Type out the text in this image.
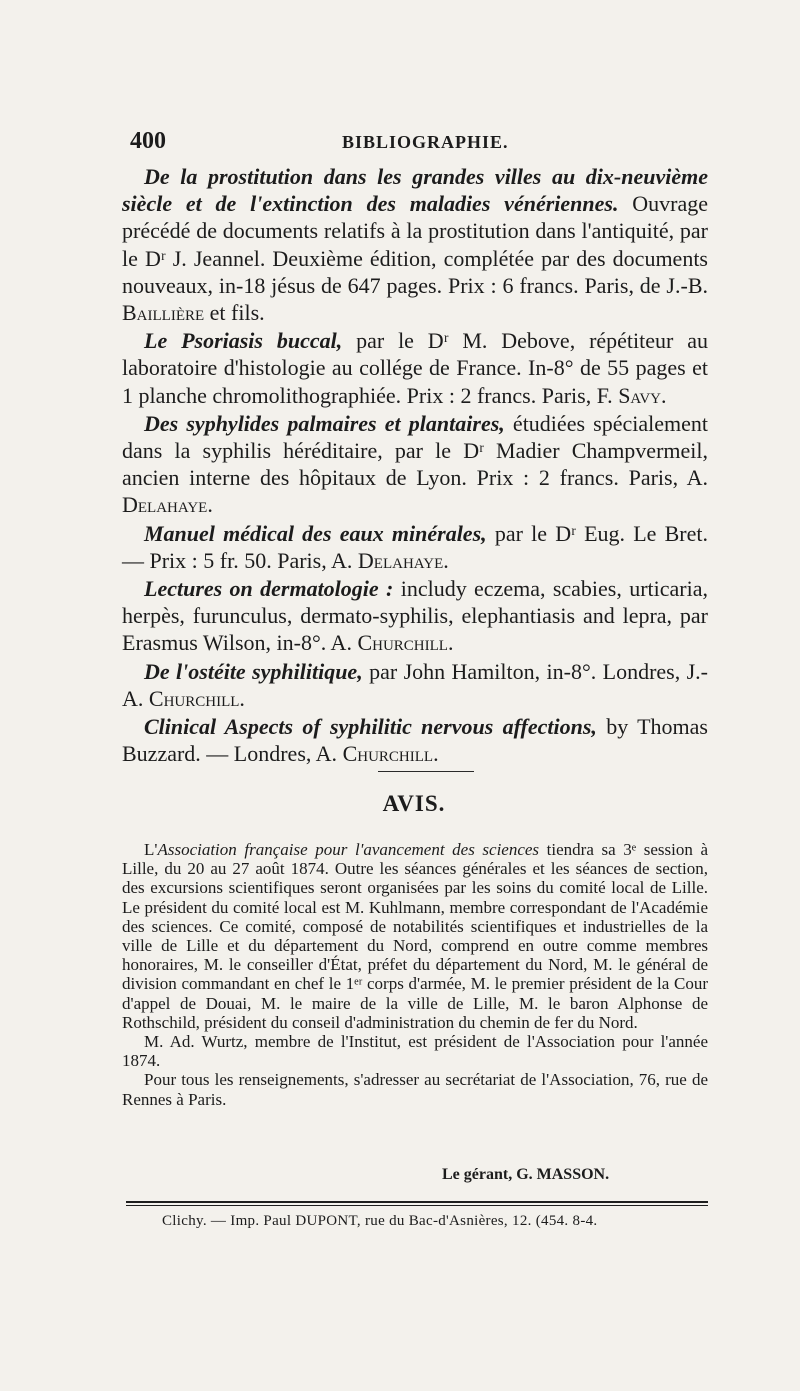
400	BIBLIOGRAPHIE.

De la prostitution dans les grandes villes au dix-neuvième siècle et de l'extinction des maladies vénériennes. Ouvrage précédé de documents relatifs à la prostitution dans l'antiquité, par le Dʳ J. Jeannel. Deuxième édition, complétée par des documents nouveaux, in-18 jésus de 647 pages. Prix : 6 francs. Paris, de J.-B. Baillière et fils.

Le Psoriasis buccal, par le Dʳ M. Debove, répétiteur au laboratoire d'histologie au collége de France. In-8° de 55 pages et 1 planche chromolithographiée. Prix : 2 francs. Paris, F. Savy.

Des syphylides palmaires et plantaires, étudiées spécialement dans la syphilis héréditaire, par le Dʳ Madier Champvermeil, ancien interne des hôpitaux de Lyon. Prix : 2 francs. Paris, A. Delahaye.

Manuel médical des eaux minérales, par le Dʳ Eug. Le Bret. — Prix : 5 fr. 50. Paris, A. Delahaye.

Lectures on dermatologie : includy eczema, scabies, urticaria, herpès, furunculus, dermato-syphilis, elephantiasis and lepra, par Erasmus Wilson, in-8°. A. Churchill.

De l'ostéite syphilitique, par John Hamilton, in-8°. Londres, J.-A. Churchill.

Clinical Aspects of syphilitic nervous affections, by Thomas Buzzard. — Londres, A. Churchill.

AVIS.

L'Association française pour l'avancement des sciences tiendra sa 3ᵉ session à Lille, du 20 au 27 août 1874. Outre les séances générales et les séances de section, des excursions scientifiques seront organisées par les soins du comité local de Lille. Le président du comité local est M. Kuhlmann, membre correspondant de l'Académie des sciences. Ce comité, composé de notabilités scientifiques et industrielles de la ville de Lille et du département du Nord, comprend en outre comme membres honoraires, M. le conseiller d'État, préfet du département du Nord, M. le général de division commandant en chef le 1ᵉʳ corps d'armée, M. le premier président de la Cour d'appel de Douai, M. le maire de la ville de Lille, M. le baron Alphonse de Rothschild, président du conseil d'administration du chemin de fer du Nord.

M. Ad. Wurtz, membre de l'Institut, est président de l'Association pour l'année 1874.

Pour tous les renseignements, s'adresser au secrétariat de l'Association, 76, rue de Rennes à Paris.

Le gérant, G. MASSON.
Clichy. — Imp. Paul DUPONT, rue du Bac-d'Asnières, 12. (454. 8-4.
